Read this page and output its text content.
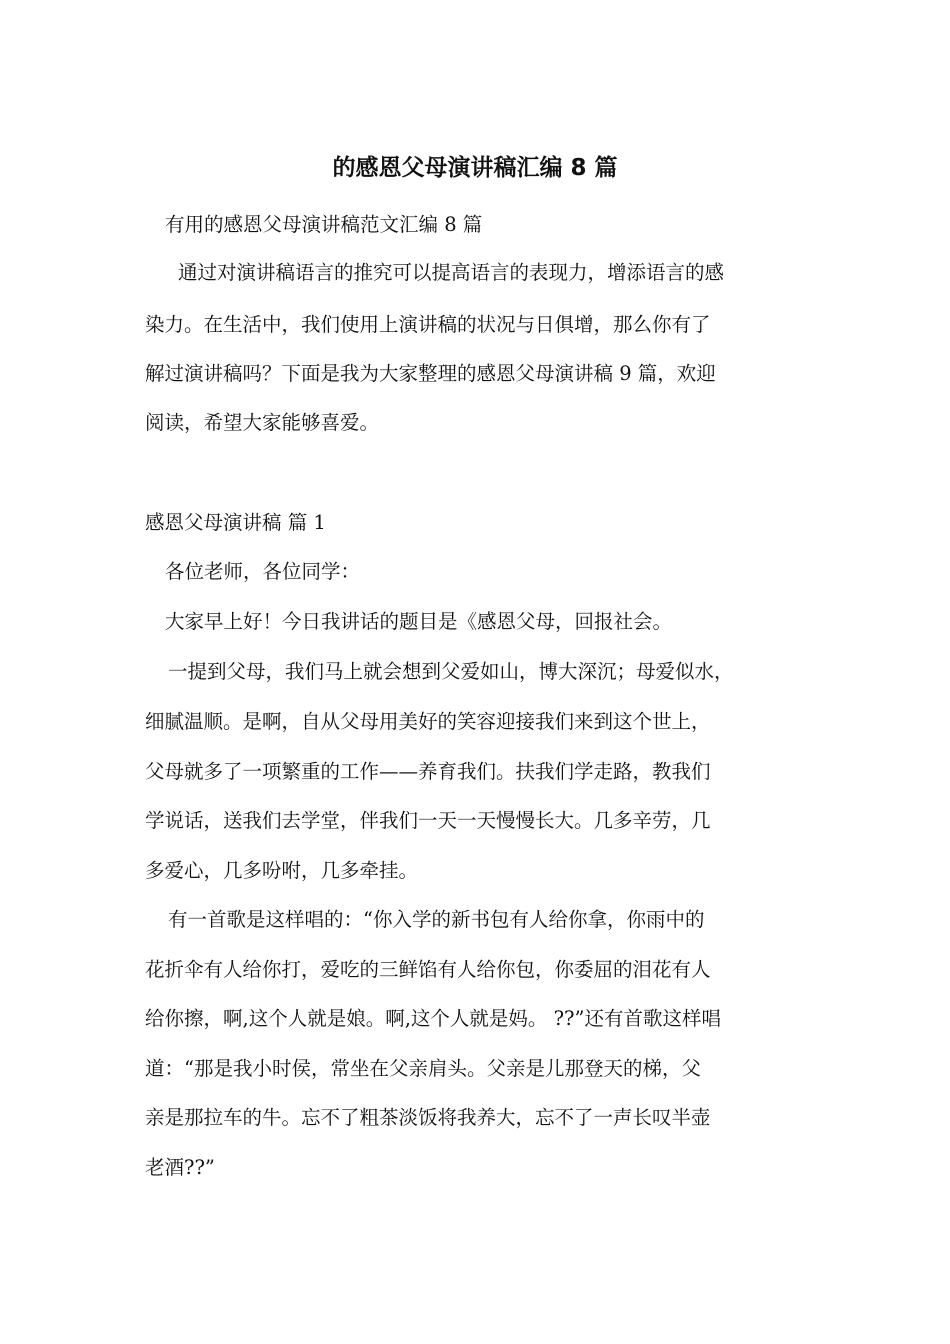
的感恩父母演讲稿汇编 8 篇

有用的感恩父母演讲稿范文汇编 8 篇

通过对演讲稿语言的推究可以提高语言的表现力，增添语言的感

染力。在生活中，我们使用上演讲稿的状况与日俱增，那么你有了

解过演讲稿吗？下面是我为大家整理的感恩父母演讲稿 9 篇，欢迎

阅读，希望大家能够喜爱。

感恩父母演讲稿 篇 1

各位老师，各位同学：

大家早上好！今日我讲话的题目是《感恩父母，回报社会。

一提到父母，我们马上就会想到父爱如山，博大深沉；母爱似水，

细腻温顺。是啊，自从父母用美好的笑容迎接我们来到这个世上，

父母就多了一项繁重的工作——养育我们。扶我们学走路，教我们

学说话，送我们去学堂，伴我们一天一天慢慢长大。几多辛劳，几

多爱心，几多吩咐，几多牵挂。

有一首歌是这样唱的：“你入学的新书包有人给你拿，你雨中的

花折伞有人给你打，爱吃的三鲜馅有人给你包，你委屈的泪花有人

给你擦，啊,这个人就是娘。啊,这个人就是妈。 ??”还有首歌这样唱

道：“那是我小时侯，常坐在父亲肩头。父亲是儿那登天的梯，父

亲是那拉车的牛。忘不了粗茶淡饭将我养大，忘不了一声长叹半壶

老酒??”
